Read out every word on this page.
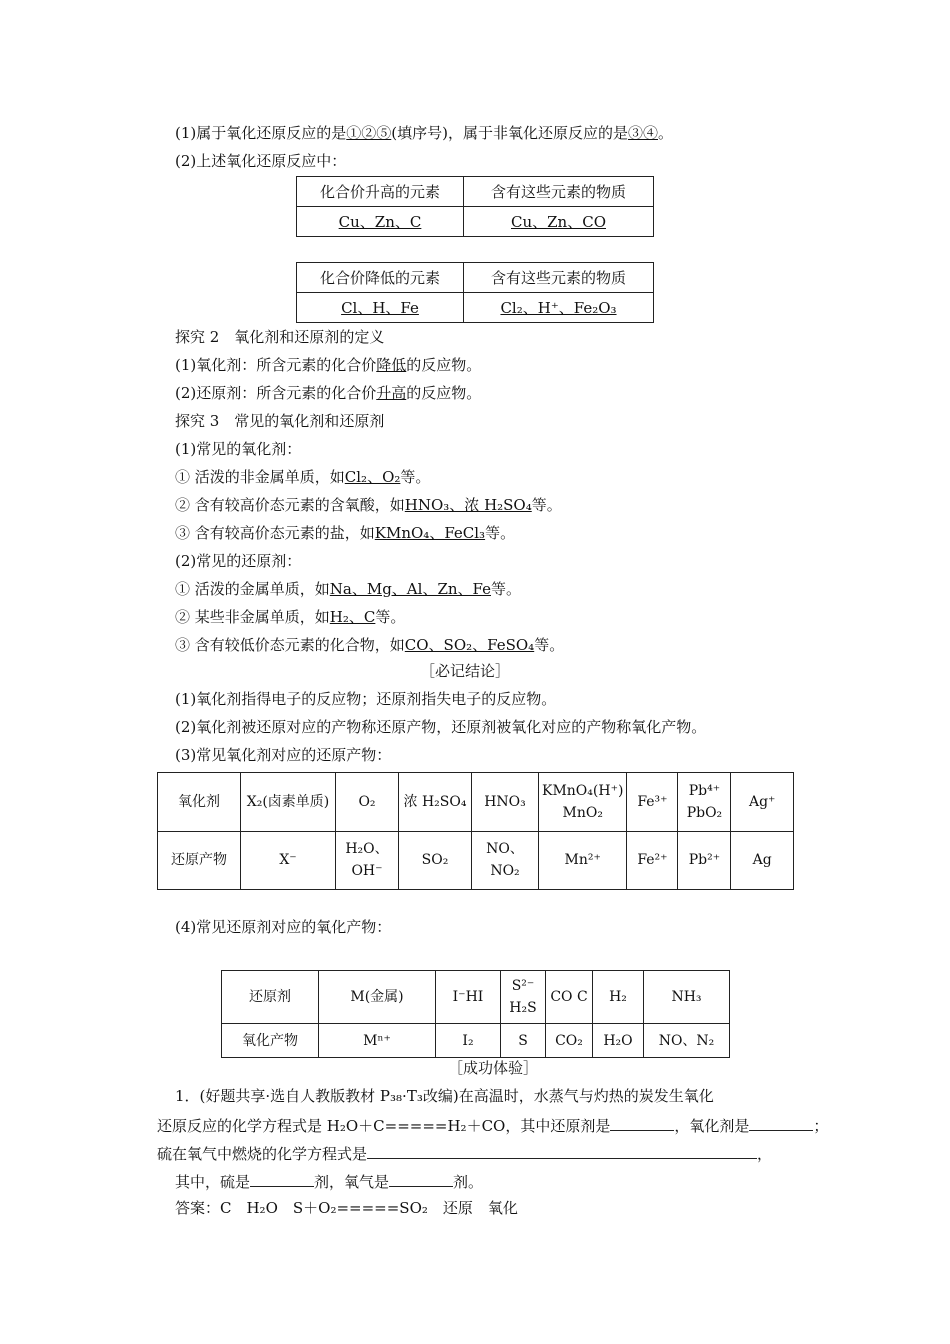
(1)属于氧化还原反应的是①②⑤(填序号)，属于非氧化还原反应的是③④。
(2)上述氧化还原反应中：
化合价升高的元素	含有这些元素的物质
Cu、Zn、C	Cu、Zn、CO
化合价降低的元素	含有这些元素的物质
Cl、H、Fe	Cl₂、H⁺、Fe₂O₃
探究 2　氧化剂和还原剂的定义
(1)氧化剂：所含元素的化合价降低的反应物。
(2)还原剂：所含元素的化合价升高的反应物。
探究 3　常见的氧化剂和还原剂
(1)常见的氧化剂：
① 活泼的非金属单质，如Cl₂、O₂等。
② 含有较高价态元素的含氧酸，如HNO₃、浓 H₂SO₄等。
③ 含有较高价态元素的盐，如KMnO₄、FeCl₃等。
(2)常见的还原剂：
① 活泼的金属单质，如Na、Mg、Al、Zn、Fe等。
② 某些非金属单质，如H₂、C等。
③ 含有较低价态元素的化合物，如CO、SO₂、FeSO₄等。
［必记结论］
(1)氧化剂指得电子的反应物；还原剂指失电子的反应物。
(2)氧化剂被还原对应的产物称还原产物，还原剂被氧化对应的产物称氧化产物。
(3)常见氧化剂对应的还原产物：
氧化剂	X₂(卤素单质)	O₂	浓 H₂SO₄	HNO₃	KMnO₄(H⁺) MnO₂	Fe³⁺	Pb⁴⁺ PbO₂	Ag⁺
还原产物	X⁻	H₂O、OH⁻	SO₂	NO、NO₂	Mn²⁺	Fe²⁺	Pb²⁺	Ag
(4)常见还原剂对应的氧化产物：
还原剂	M(金属)	I⁻HI	S²⁻ H₂S	CO C	H₂	NH₃
氧化产物	Mⁿ⁺	I₂	S	CO₂	H₂O	NO、N₂
［成功体验］
1．(好题共享·选自人教版教材 P₃₈·T₃改编)在高温时，水蒸气与灼热的炭发生氧化
还原反应的化学方程式是 H₂O＋C=====H₂＋CO，其中还原剂是	，氧化剂是	；
硫在氧气中燃烧的化学方程式是	，
其中，硫是	剂，氧气是	剂。
答案：C　H₂O　S＋O₂=====SO₂　还原　氧化
